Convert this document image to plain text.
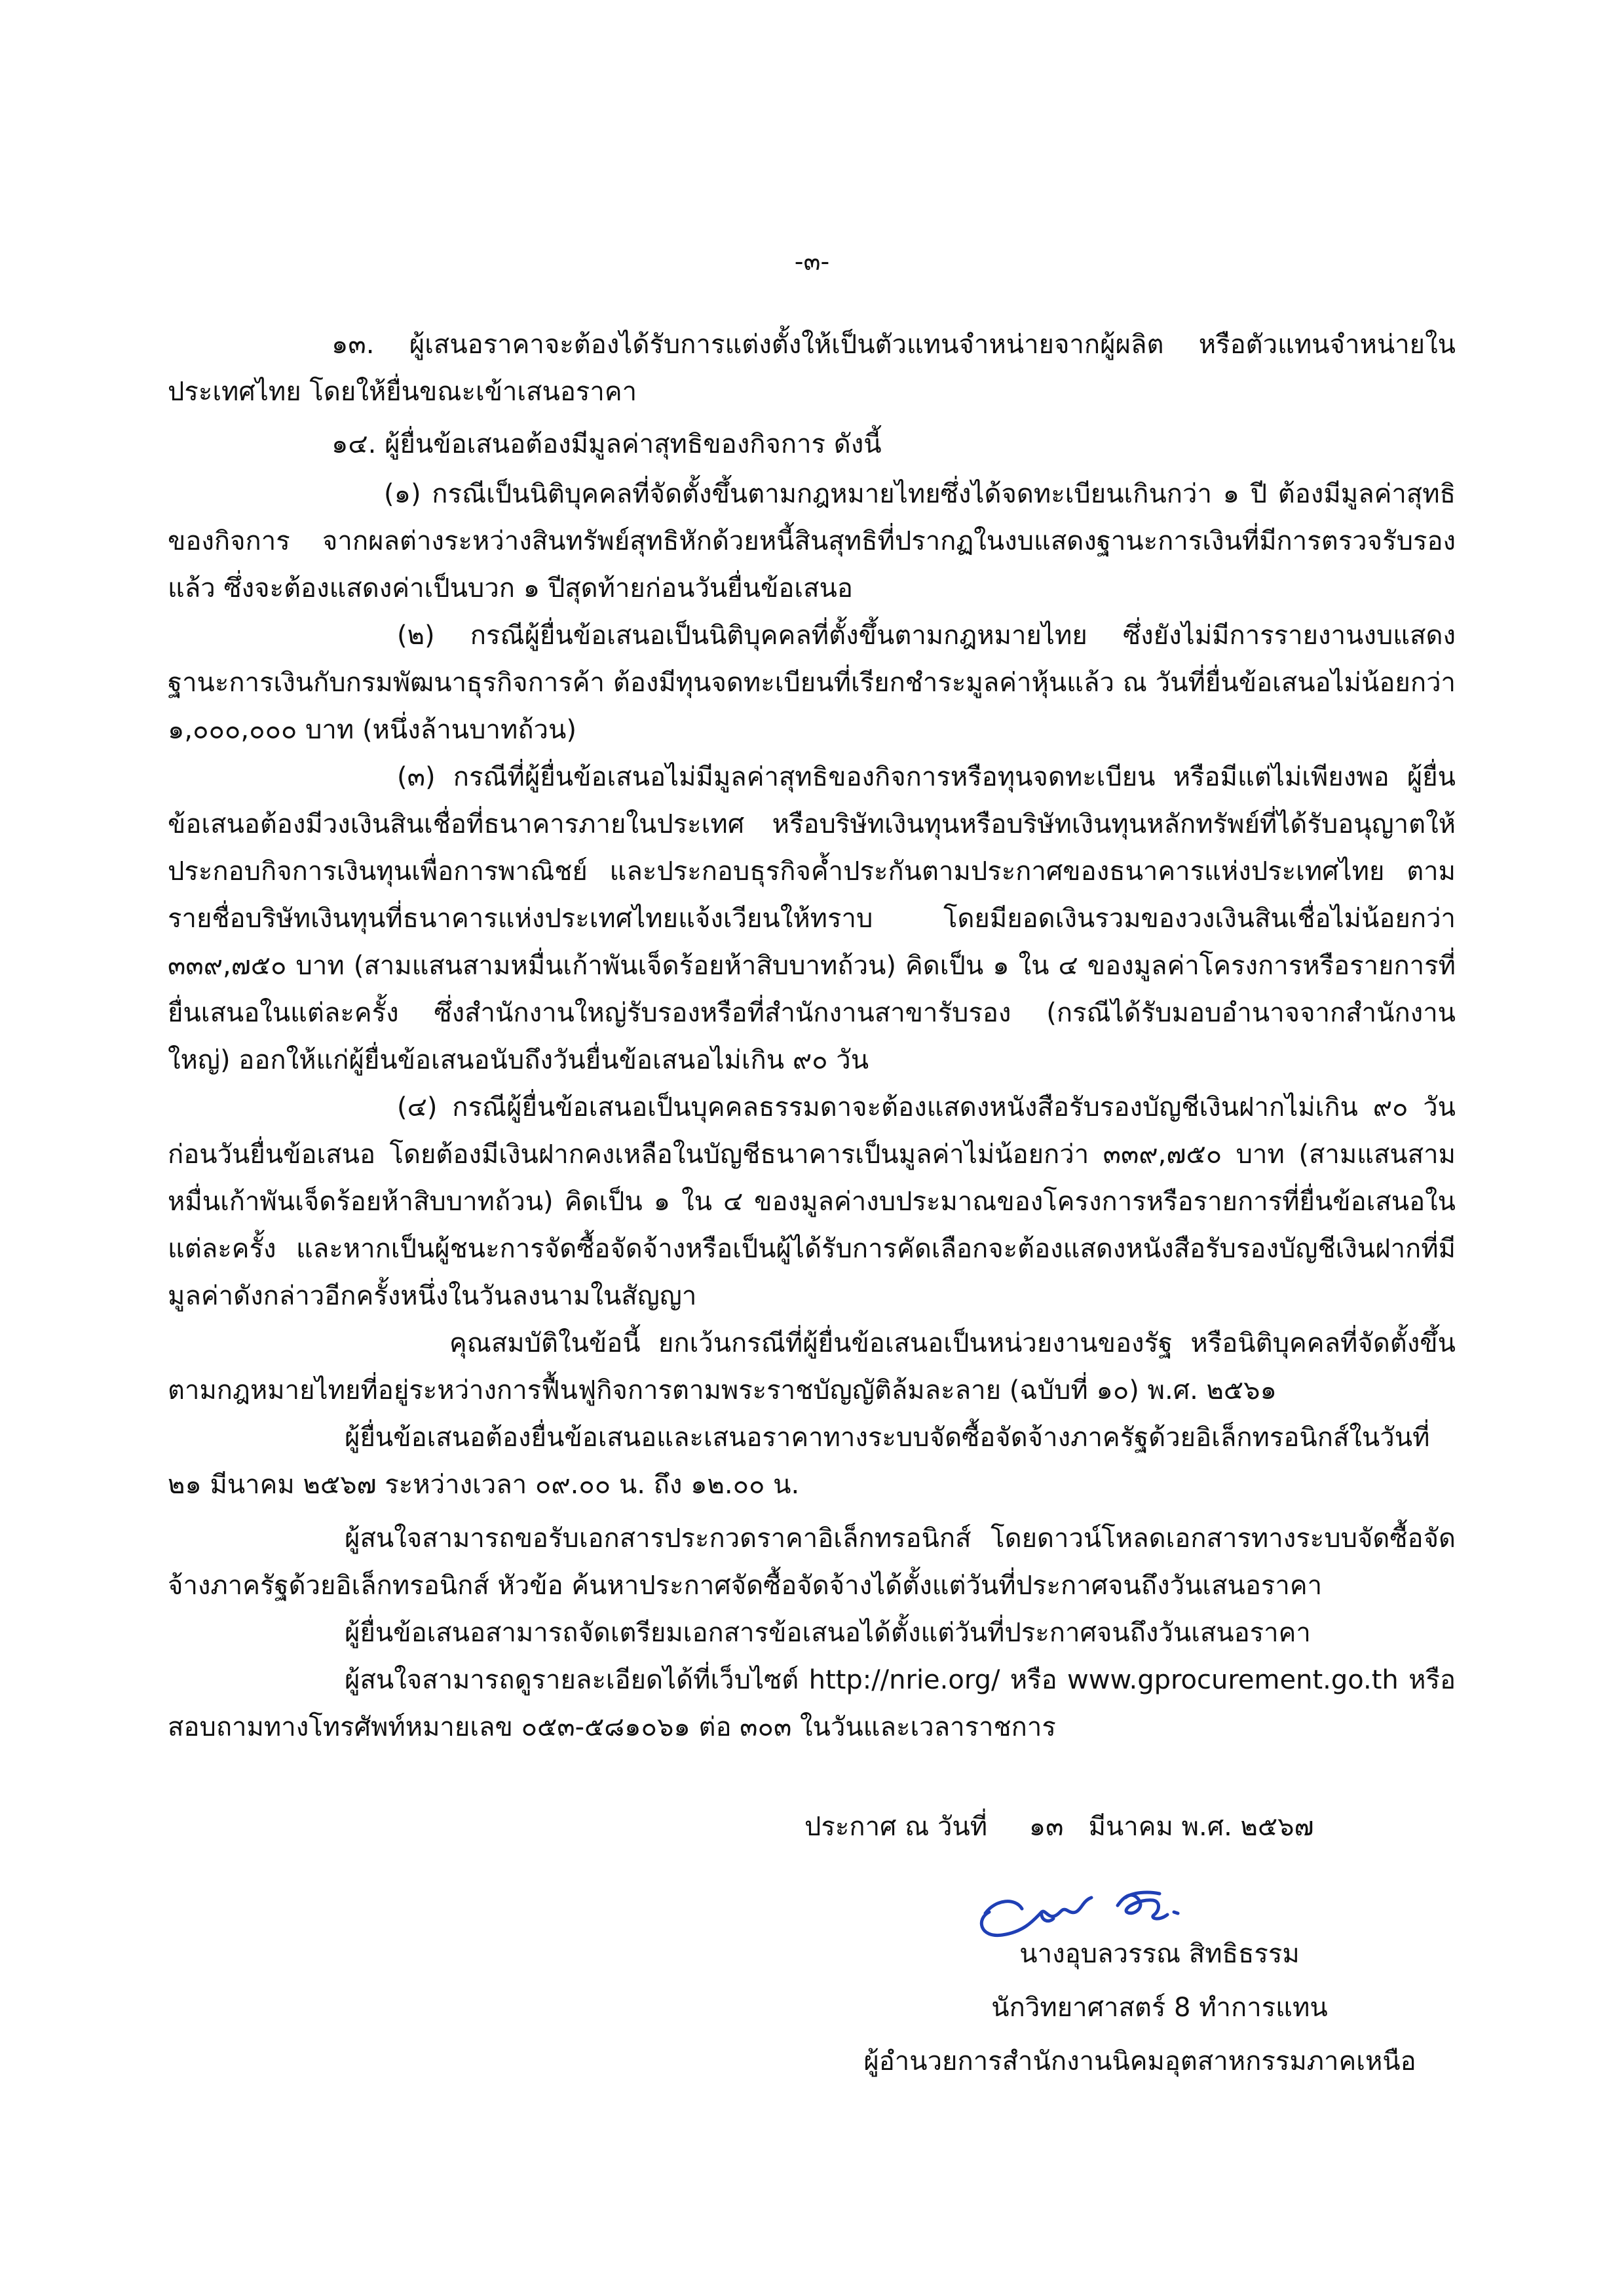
-๓-

๑๓. ผู้เสนอราคาจะต้องได้รับการแต่งตั้งให้เป็นตัวแทนจำหน่ายจากผู้ผลิต หรือตัวแทนจำหน่ายในประเทศไทย โดยให้ยื่นขณะเข้าเสนอราคา

๑๔. ผู้ยื่นข้อเสนอต้องมีมูลค่าสุทธิของกิจการ ดังนี้

(๑) กรณีเป็นนิติบุคคลที่จัดตั้งขึ้นตามกฎหมายไทยซึ่งได้จดทะเบียนเกินกว่า ๑ ปี ต้องมีมูลค่าสุทธิของกิจการ จากผลต่างระหว่างสินทรัพย์สุทธิหักด้วยหนี้สินสุทธิที่ปรากฏในงบแสดงฐานะการเงินที่มีการตรวจรับรองแล้ว ซึ่งจะต้องแสดงค่าเป็นบวก ๑ ปีสุดท้ายก่อนวันยื่นข้อเสนอ

(๒) กรณีผู้ยื่นข้อเสนอเป็นนิติบุคคลที่ตั้งขึ้นตามกฎหมายไทย ซึ่งยังไม่มีการรายงานงบแสดงฐานะการเงินกับกรมพัฒนาธุรกิจการค้า ต้องมีทุนจดทะเบียนที่เรียกชำระมูลค่าหุ้นแล้ว ณ วันที่ยื่นข้อเสนอไม่น้อยกว่า ๑,๐๐๐,๐๐๐ บาท (หนึ่งล้านบาทถ้วน)

(๓) กรณีที่ผู้ยื่นข้อเสนอไม่มีมูลค่าสุทธิของกิจการหรือทุนจดทะเบียน หรือมีแต่ไม่เพียงพอ ผู้ยื่นข้อเสนอต้องมีวงเงินสินเชื่อที่ธนาคารภายในประเทศ หรือบริษัทเงินทุนหรือบริษัทเงินทุนหลักทรัพย์ที่ได้รับอนุญาตให้ประกอบกิจการเงินทุนเพื่อการพาณิชย์ และประกอบธุรกิจค้ำประกันตามประกาศของธนาคารแห่งประเทศไทย ตามรายชื่อบริษัทเงินทุนที่ธนาคารแห่งประเทศไทยแจ้งเวียนให้ทราบ โดยมียอดเงินรวมของวงเงินสินเชื่อไม่น้อยกว่า ๓๓๙,๗๕๐ บาท (สามแสนสามหมื่นเก้าพันเจ็ดร้อยห้าสิบบาทถ้วน) คิดเป็น ๑ ใน ๔ ของมูลค่าโครงการหรือรายการที่ยื่นเสนอในแต่ละครั้ง ซึ่งสำนักงานใหญ่รับรองหรือที่สำนักงานสาขารับรอง (กรณีได้รับมอบอำนาจจากสำนักงานใหญ่) ออกให้แก่ผู้ยื่นข้อเสนอนับถึงวันยื่นข้อเสนอไม่เกิน ๙๐ วัน

(๔) กรณีผู้ยื่นข้อเสนอเป็นบุคคลธรรมดาจะต้องแสดงหนังสือรับรองบัญชีเงินฝากไม่เกิน ๙๐ วัน ก่อนวันยื่นข้อเสนอ โดยต้องมีเงินฝากคงเหลือในบัญชีธนาคารเป็นมูลค่าไม่น้อยกว่า ๓๓๙,๗๕๐ บาท (สามแสนสามหมื่นเก้าพันเจ็ดร้อยห้าสิบบาทถ้วน) คิดเป็น ๑ ใน ๔ ของมูลค่างบประมาณของโครงการหรือรายการที่ยื่นข้อเสนอในแต่ละครั้ง และหากเป็นผู้ชนะการจัดซื้อจัดจ้างหรือเป็นผู้ได้รับการคัดเลือกจะต้องแสดงหนังสือรับรองบัญชีเงินฝากที่มีมูลค่าดังกล่าวอีกครั้งหนึ่งในวันลงนามในสัญญา

คุณสมบัติในข้อนี้ ยกเว้นกรณีที่ผู้ยื่นข้อเสนอเป็นหน่วยงานของรัฐ หรือนิติบุคคลที่จัดตั้งขึ้นตามกฎหมายไทยที่อยู่ระหว่างการฟื้นฟูกิจการตามพระราชบัญญัติล้มละลาย (ฉบับที่ ๑๐) พ.ศ. ๒๕๖๑

ผู้ยื่นข้อเสนอต้องยื่นข้อเสนอและเสนอราคาทางระบบจัดซื้อจัดจ้างภาครัฐด้วยอิเล็กทรอนิกส์ในวันที่ ๒๑ มีนาคม ๒๕๖๗ ระหว่างเวลา ๐๙.๐๐ น. ถึง ๑๒.๐๐ น.

ผู้สนใจสามารถขอรับเอกสารประกวดราคาอิเล็กทรอนิกส์ โดยดาวน์โหลดเอกสารทางระบบจัดซื้อจัดจ้างภาครัฐด้วยอิเล็กทรอนิกส์ หัวข้อ ค้นหาประกาศจัดซื้อจัดจ้างได้ตั้งแต่วันที่ประกาศจนถึงวันเสนอราคา

ผู้ยื่นข้อเสนอสามารถจัดเตรียมเอกสารข้อเสนอได้ตั้งแต่วันที่ประกาศจนถึงวันเสนอราคา

ผู้สนใจสามารถดูรายละเอียดได้ที่เว็บไซต์ http://nrie.org/ หรือ www.gprocurement.go.th หรือสอบถามทางโทรศัพท์หมายเลข ๐๕๓-๕๘๑๐๖๑ ต่อ ๓๐๓ ในวันและเวลาราชการ

ประกาศ ณ วันที่     ๑๓   มีนาคม พ.ศ. ๒๕๖๗
นางอุบลวรรณ สิทธิธรรม
นักวิทยาศาสตร์ 8 ทำการแทน
ผู้อำนวยการสำนักงานนิคมอุตสาหกรรมภาคเหนือ
